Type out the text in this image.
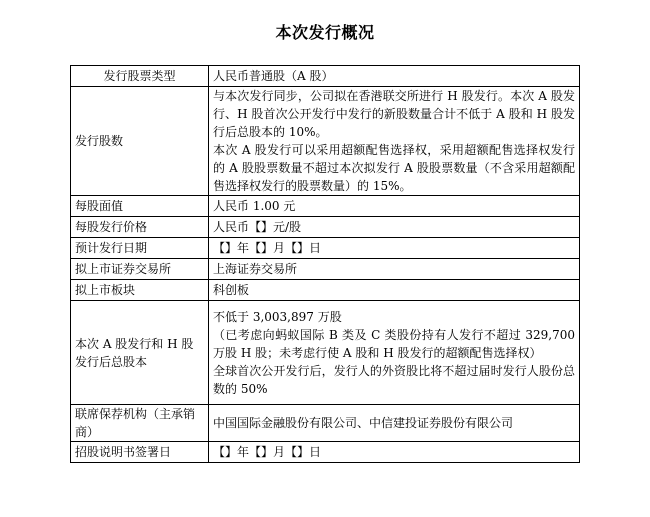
本次发行概况
发行股票类型	人民币普通股（A 股）

发行股数	与本次发行同步，公司拟在香港联交所进行 H 股发行。本次 A 股发行、H 股首次公开发行中发行的新股数量合计不低于 A 股和 H 股发行后总股本的 10%。
本次 A 股发行可以采用超额配售选择权，采用超额配售选择权发行的 A 股股票数量不超过本次拟发行 A 股股票数量（不含采用超额配售选择权发行的股票数量）的 15%。

每股面值	人民币 1.00 元

每股发行价格	人民币【】元/股

预计发行日期	【】年【】月【】日

拟上市证券交易所	上海证券交易所

拟上市板块	科创板

本次 A 股发行和 H 股发行后总股本	不低于 3,003,897 万股
（已考虑向蚂蚁国际 B 类及 C 类股份持有人发行不超过 329,700 万股 H 股；未考虑行使 A 股和 H 股发行的超额配售选择权）
全球首次公开发行后，发行人的外资股比将不超过届时发行人股份总数的 50%

联席保荐机构（主承销商）	中国国际金融股份有限公司、中信建投证券股份有限公司

招股说明书签署日	【】年【】月【】日
